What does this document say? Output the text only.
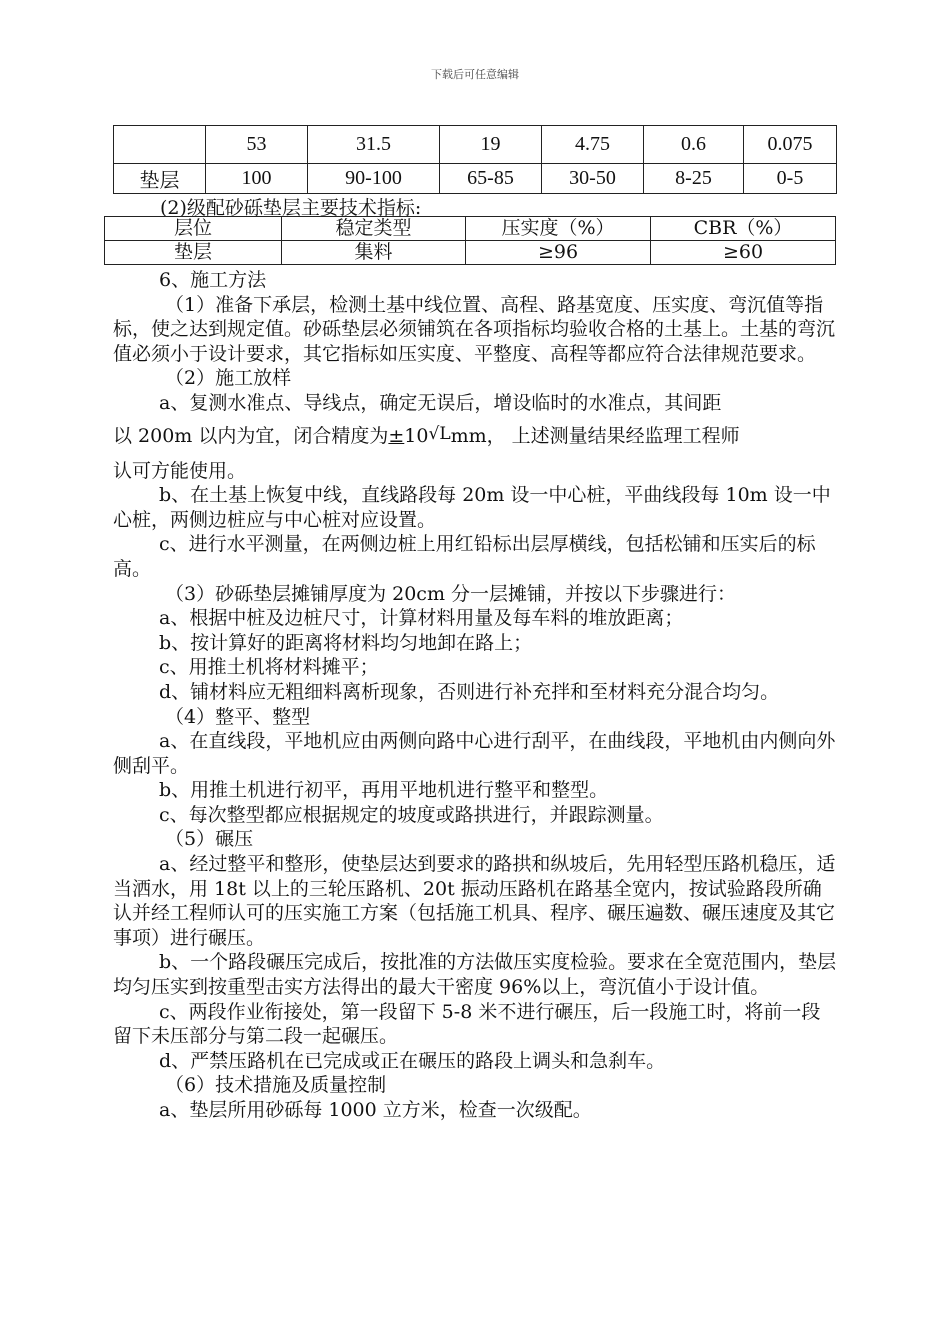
下载后可任意编辑
	53	31.5	19	4.75	0.6	0.075
垫层	100	90-100	65-85	30-50	8-25	0-5
(2)级配砂砾垫层主要技术指标:
层位	稳定类型	压实度（%）	CBR（%）
垫层	集料	≥96	≥60

6、施工方法

（1）准备下承层，检测土基中线位置、高程、路基宽度、压实度、弯沉值等指标，使之达到规定值。砂砾垫层必须铺筑在各项指标均验收合格的土基上。土基的弯沉值必须小于设计要求，其它指标如压实度、平整度、高程等都应符合法律规范要求。

（2）施工放样

a、复测水准点、导线点，确定无误后，增设临时的水准点，其间距

以 200m 以内为宜，闭合精度为±10√Lmm， 上述测量结果经监理工程师

认可方能使用。

b、在土基上恢复中线，直线路段每 20m 设一中心桩，平曲线段每 10m 设一中心桩，两侧边桩应与中心桩对应设置。

c、进行水平测量，在两侧边桩上用红铅标出层厚横线，包括松铺和压实后的标高。

（3）砂砾垫层摊铺厚度为 20cm 分一层摊铺，并按以下步骤进行：

a、根据中桩及边桩尺寸，计算材料用量及每车料的堆放距离；

b、按计算好的距离将材料均匀地卸在路上；

c、用推土机将材料摊平；

d、铺材料应无粗细料离析现象，否则进行补充拌和至材料充分混合均匀。

（4）整平、整型

a、在直线段，平地机应由两侧向路中心进行刮平，在曲线段，平地机由内侧向外侧刮平。

b、用推土机进行初平，再用平地机进行整平和整型。

c、每次整型都应根据规定的坡度或路拱进行，并跟踪测量。

（5）碾压

a、经过整平和整形，使垫层达到要求的路拱和纵坡后，先用轻型压路机稳压，适当洒水，用 18t 以上的三轮压路机、20t 振动压路机在路基全宽内，按试验路段所确认并经工程师认可的压实施工方案（包括施工机具、程序、碾压遍数、碾压速度及其它事项）进行碾压。

b、一个路段碾压完成后，按批准的方法做压实度检验。要求在全宽范围内，垫层均匀压实到按重型击实方法得出的最大干密度 96%以上，弯沉值小于设计值。

c、两段作业衔接处，第一段留下 5-8 米不进行碾压，后一段施工时，将前一段留下未压部分与第二段一起碾压。

d、严禁压路机在已完成或正在碾压的路段上调头和急刹车。

（6）技术措施及质量控制

a、垫层所用砂砾每 1000 立方米，检查一次级配。
